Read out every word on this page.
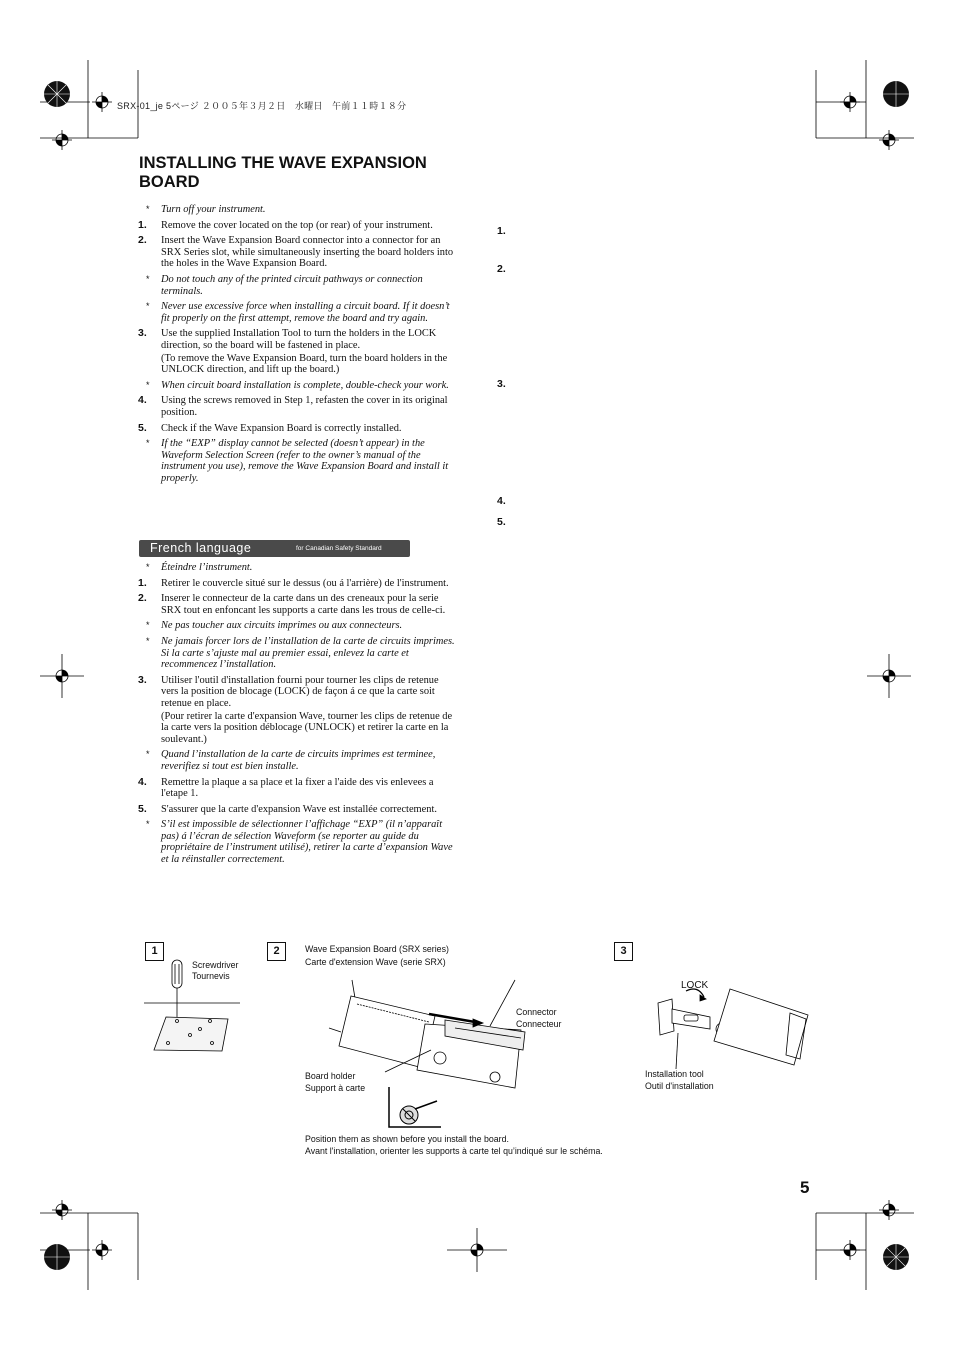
SRX-01_je 5ページ ２００５年３月２日　水曜日　午前１１時１８分
INSTALLING THE WAVE EXPANSION BOARD
* Turn off your instrument.
1. Remove the cover located on the top (or rear) of your instrument.
2. Insert the Wave Expansion Board connector into a connector for an SRX Series slot, while simultaneously inserting the board holders into the holes in the Wave Expansion Board.
* Do not touch any of the printed circuit pathways or connection terminals.
* Never use excessive force when installing a circuit board. If it doesn’t fit properly on the first attempt, remove the board and try again.
3. Use the supplied Installation Tool to turn the holders in the LOCK direction, so the board will be fastened in place.
(To remove the Wave Expansion Board, turn the board holders in the UNLOCK direction, and lift up the board.)
* When circuit board installation is complete, double-check your work.
4. Using the screws removed in Step 1, refasten the cover in its original position.
5. Check if the Wave Expansion Board is correctly installed.
* If the “EXP” display cannot be selected (doesn’t appear) in the Waveform Selection Screen (refer to the owner’s manual of the instrument you use), remove the Wave Expansion Board and install it properly.
French language	for Canadian Safety Standard
* Éteindre l’instrument.
1. Retirer le couvercle situé sur le dessus (ou á l'arrière) de l'instrument.
2. Inserer le connecteur de la carte dans un des creneaux pour la serie SRX tout en enfoncant les supports a carte dans les trous de celle-ci.
* Ne pas toucher aux circuits imprimes ou aux connecteurs.
* Ne jamais forcer lors de l’installation de la carte de circuits imprimes. Si la carte s’ajuste mal au premier essai, enlevez la carte et recommencez l’installation.
3. Utiliser l'outil d'installation fourni pour tourner les clips de retenue vers la position de blocage (LOCK) de façon á ce que la carte soit retenue en place.
(Pour retirer la carte d'expansion Wave, tourner les clips de retenue de la carte vers la position déblocage (UNLOCK) et retirer la carte en la soulevant.)
* Quand l’installation de la carte de circuits imprimes est terminee, reverifiez si tout est bien installe.
4. Remettre la plaque a sa place et la fixer a l'aide des vis enlevees a l'etape 1.
5. S'assurer que la carte d'expansion Wave est installée correctement.
* S’il est impossible de sélectionner l’affichage “EXP” (il n’apparaît pas) á l’écran de sélection Waveform (se reporter au guide du propriétaire de l’instrument utilisé), retirer la carte d’expansion Wave et la réinstaller correctement.
1.
2.
3.
4.
5.
1
Screwdriver
Tournevis
2	Wave Expansion Board (SRX series)
Carte d'extension Wave (serie SRX)
Connector
Connecteur
Board holder
Support à carte
Position them as shown before you install the board.
Avant l'installation, orienter les supports à carte tel qu’indiqué sur le schéma.
3
LOCK
Installation tool
Outil d'installation
5
